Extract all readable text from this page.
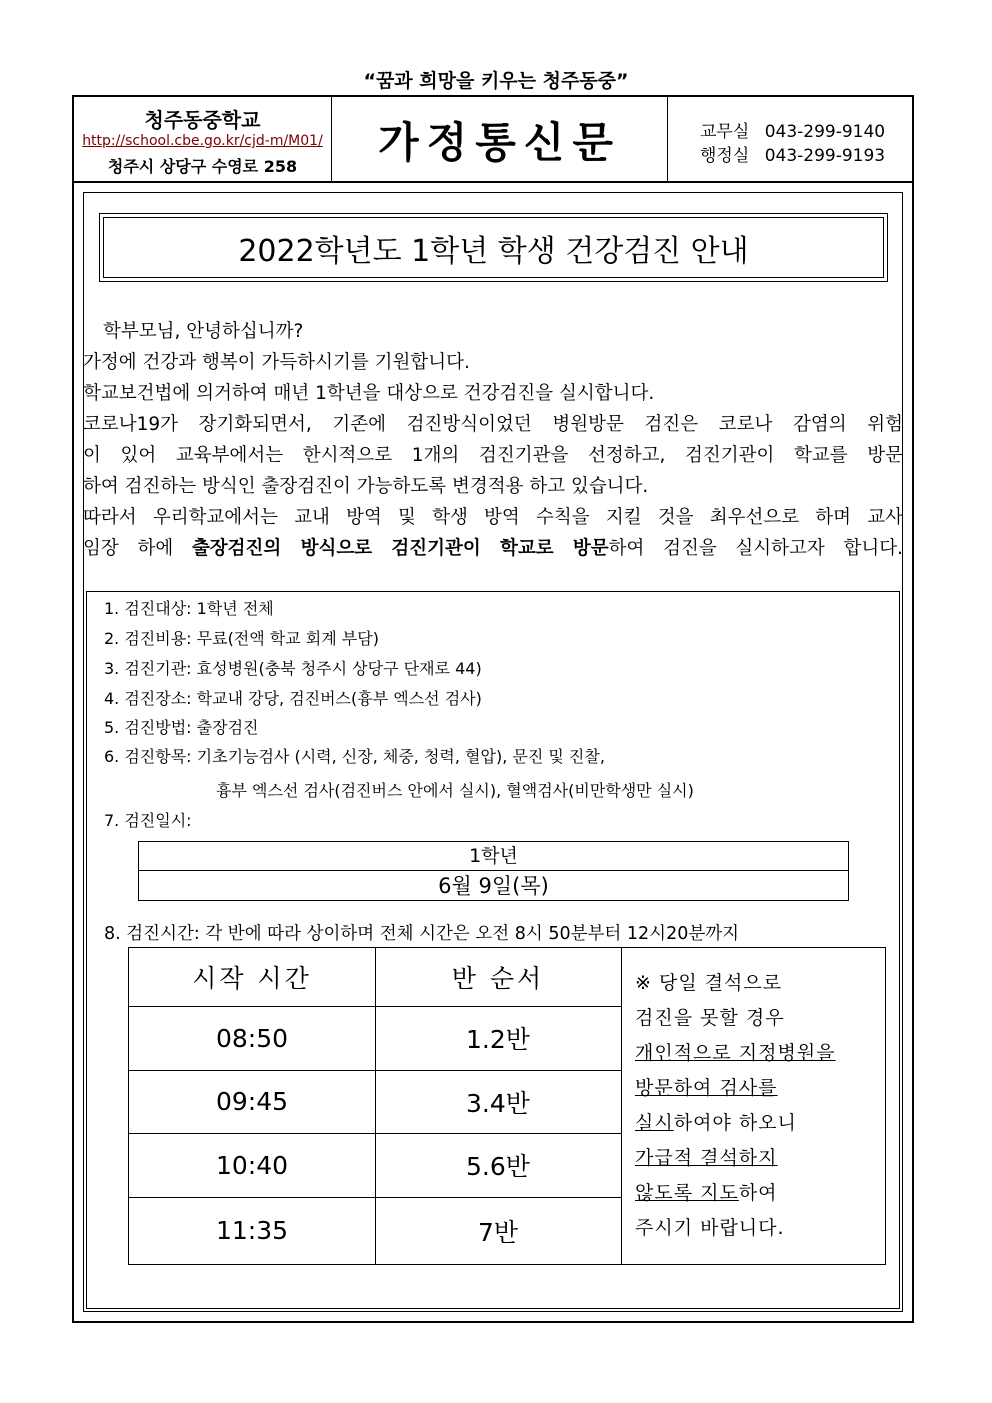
“꿈과 희망을 키우는 청주동중”
청주동중학교
http://school.cbe.go.kr/cjd-m/M01/
청주시 상당구 수영로 258	가정통신문	교무실 043-299-9140
행정실 043-299-9193
2022학년도 1학년 학생 건강검진 안내
학부모님, 안녕하십니까?
가정에 건강과 행복이 가득하시기를 기원합니다.
학교보건법에 의거하여 매년 1학년을 대상으로 건강검진을 실시합니다.
코로나19가 장기화되면서, 기존에 검진방식이었던 병원방문 검진은 코로나 감염의 위험
이 있어 교육부에서는 한시적으로 1개의 검진기관을 선정하고, 검진기관이 학교를 방문
하여 검진하는 방식인 출장검진이 가능하도록 변경적용 하고 있습니다.
따라서 우리학교에서는 교내 방역 및 학생 방역 수칙을 지킬 것을 최우선으로 하며 교사
임장 하에 출장검진의 방식으로 검진기관이 학교로 방문하여 검진을 실시하고자 합니다.
1. 검진대상: 1학년 전체
2. 검진비용: 무료(전액 학교 회계 부담)
3. 검진기관: 효성병원(충북 청주시 상당구 단재로 44)
4. 검진장소: 학교내 강당, 검진버스(흉부 엑스선 검사)
5. 검진방법: 출장검진
6. 검진항목: 기초기능검사 (시력, 신장, 체중, 청력, 혈압), 문진 및 진찰,
흉부 엑스선 검사(검진버스 안에서 실시), 혈액검사(비만학생만 실시)
7. 검진일시:
1학년
6월 9일(목)
8. 검진시간: 각 반에 따라 상이하며 전체 시간은 오전 8시 50분부터 12시20분까지
시작 시간	반 순서
08:50	1.2반
09:45	3.4반
10:40	5.6반
11:35	7반
※ 당일 결석으로
검진을 못할 경우
개인적으로 지정병원을
방문하여 검사를
실시하여야 하오니
가급적 결석하지
않도록 지도하여
주시기 바랍니다.
